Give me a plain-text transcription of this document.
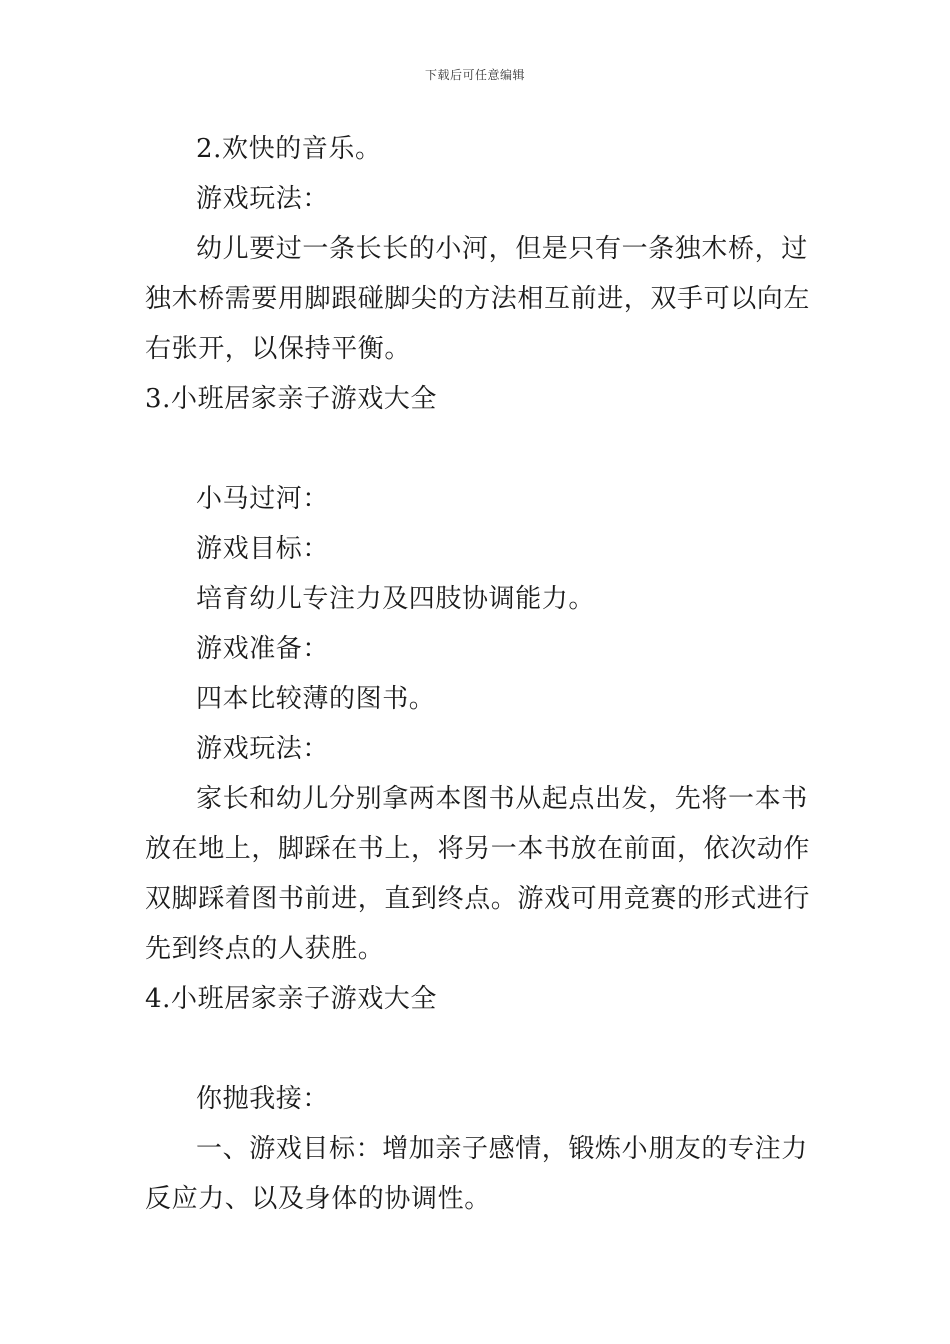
下载后可任意编辑
2.欢快的音乐。
游戏玩法：
幼儿要过一条长长的小河，但是只有一条独木桥，过
独木桥需要用脚跟碰脚尖的方法相互前进，双手可以向左
右张开，以保持平衡。
3.小班居家亲子游戏大全
小马过河：
游戏目标：
培育幼儿专注力及四肢协调能力。
游戏准备：
四本比较薄的图书。
游戏玩法：
家长和幼儿分别拿两本图书从起点出发，先将一本书
放在地上，脚踩在书上，将另一本书放在前面，依次动作
双脚踩着图书前进，直到终点。游戏可用竞赛的形式进行
先到终点的人获胜。
4.小班居家亲子游戏大全
你抛我接：
一、游戏目标：增加亲子感情，锻炼小朋友的专注力
反应力、以及身体的协调性。
